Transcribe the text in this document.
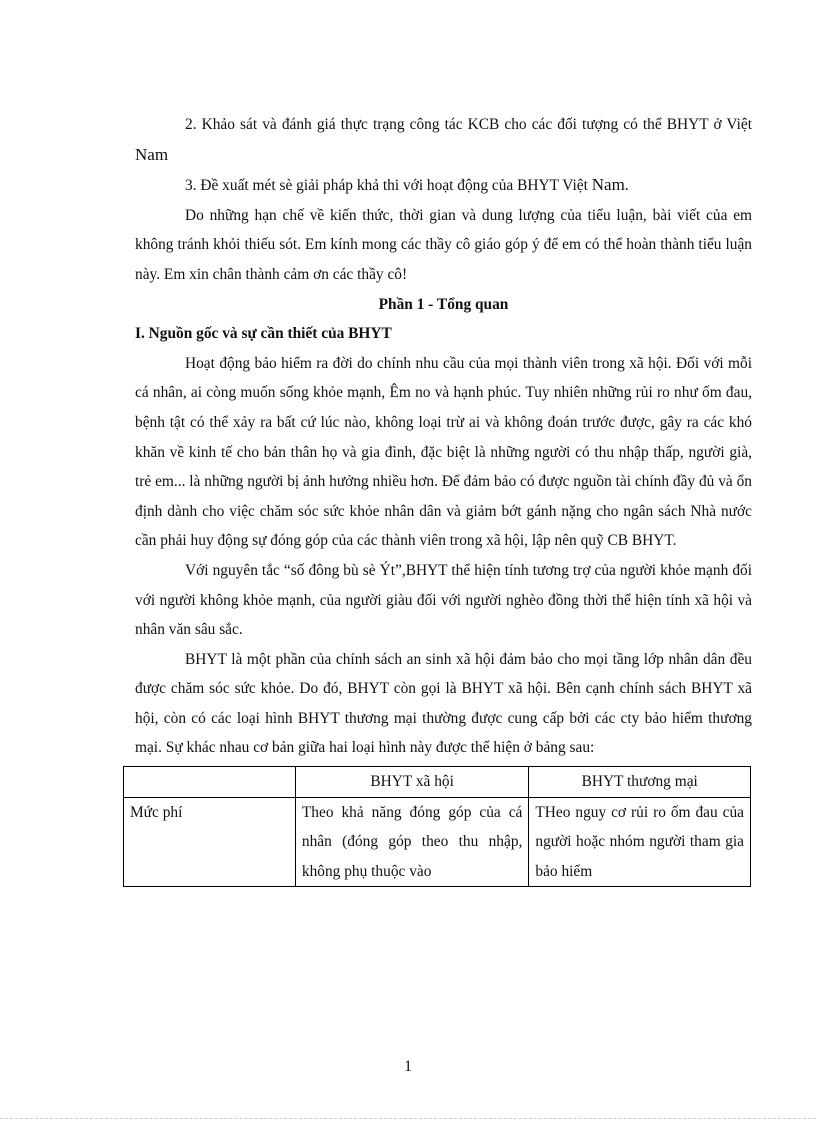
2. Khảo sát và đánh giá thực trạng công tác KCB cho các đối tượng có thể BHYT ở Việt Nam

3. Đề xuất mét sè giải pháp khả thi với hoạt động của BHYT Việt Nam.

Do những hạn chế về kiến thức, thời gian và dung lượng của tiểu luận, bài viết của em không tránh khỏi thiếu sót. Em kính mong các thầy cô giáo góp ý để em có thể hoàn thành tiểu luận này. Em xin chân thành cảm ơn các thầy cô!

Phần 1 - Tổng quan

I. Nguồn gốc và sự cần thiết của BHYT

Hoạt động bảo hiểm ra đời do chính nhu cầu của mọi thành viên trong xã hội. Đối với mỗi cá nhân, ai còng muốn sống khỏe mạnh, Êm no và hạnh phúc. Tuy nhiên những rủi ro như ốm đau, bệnh tật có thể xảy ra bất cứ lúc nào, không loại trừ ai và không đoán trước được, gây ra các khó khăn về kinh tế cho bản thân họ và gia đình, đặc biệt là những người có thu nhập thấp, người già, trẻ em... là những người bị ảnh hưởng nhiều hơn. Để đảm bảo có được nguồn tài chính đầy đủ và ổn định dành cho việc chăm sóc sức khỏe nhân dân và giảm bớt gánh nặng cho ngân sách Nhà nước cần phải huy động sự đóng góp của các thành viên trong xã hội, lập nên quỹ CB BHYT.

Với nguyên tắc “số đông bù sè Ýt”,BHYT thể hiện tính tương trợ của người khỏe mạnh đối với người không khỏe mạnh, của người giàu đối với người nghèo đồng thời thể hiện tính xã hội và nhân văn sâu sắc.

BHYT là một phần của chính sách an sinh xã hội đảm bảo cho mọi tầng lớp nhân dân đều được chăm sóc sức khỏe. Do đó, BHYT còn gọi là BHYT xã hội. Bên cạnh chính sách BHYT xã hội, còn có các loại hình BHYT thương mại thường được cung cấp bởi các cty bảo hiểm thương mại. Sự khác nhau cơ bản giữa hai loại hình này được thể hiện ở bảng sau:

	BHYT xã hội	BHYT thương mại
Mức phí	Theo khả năng đóng góp của cá nhân (đóng góp theo thu nhập, không phụ thuộc vào	THeo nguy cơ rủi ro ốm đau của người hoặc nhóm người tham gia bảo hiểm
1
